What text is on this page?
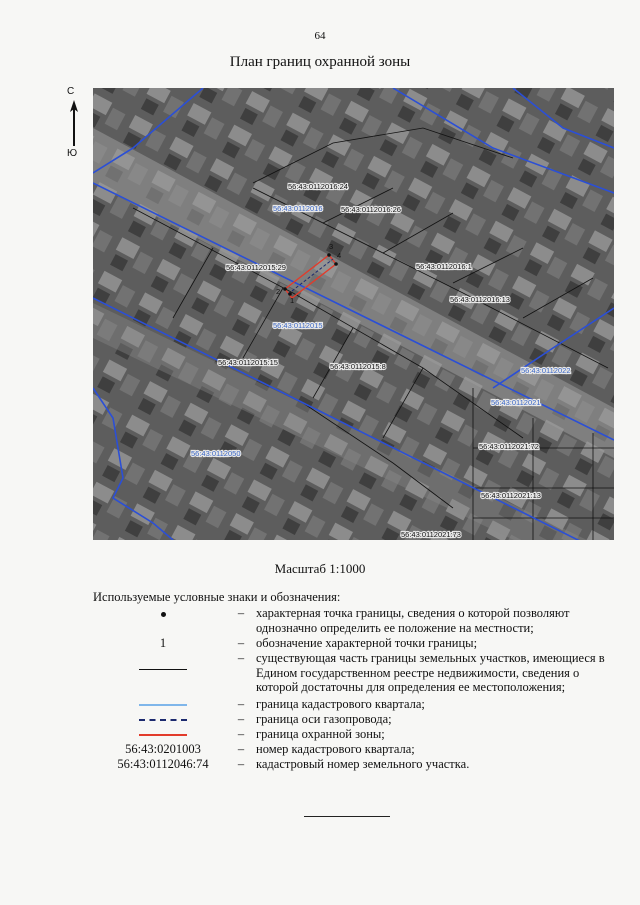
64
План границ охранной зоны
С
Ю
1
2
3
4
56:43:0112016:24
56:43:0112016:26
56:43:0112015:29	56:43:0112016:1
56:43:0112016:13
56:43:0112015:15	56:43:0112015:8
56:43:0112021:72
56:43:0112021:13
56:43:0112021:73
56:43:0112016
56:43:0112015
56:43:0112022
56:43:0112021
56:43:0112050
Масштаб 1:1000
Используемые условные знаки и обозначения:
– характерная точка границы, сведения о которой позволяют однозначно определить ее положение на местности;
1	– обозначение характерной точки границы;
– существующая часть границы земельных участков, имеющиеся в Едином государственном реестре недвижимости, сведения о которой достаточны для определения ее местоположения;
– граница кадастрового квартала;
– граница оси газопровода;
– граница охранной зоны;
56:43:0201003	– номер кадастрового квартала;
56:43:0112046:74	– кадастровый номер земельного участка.
